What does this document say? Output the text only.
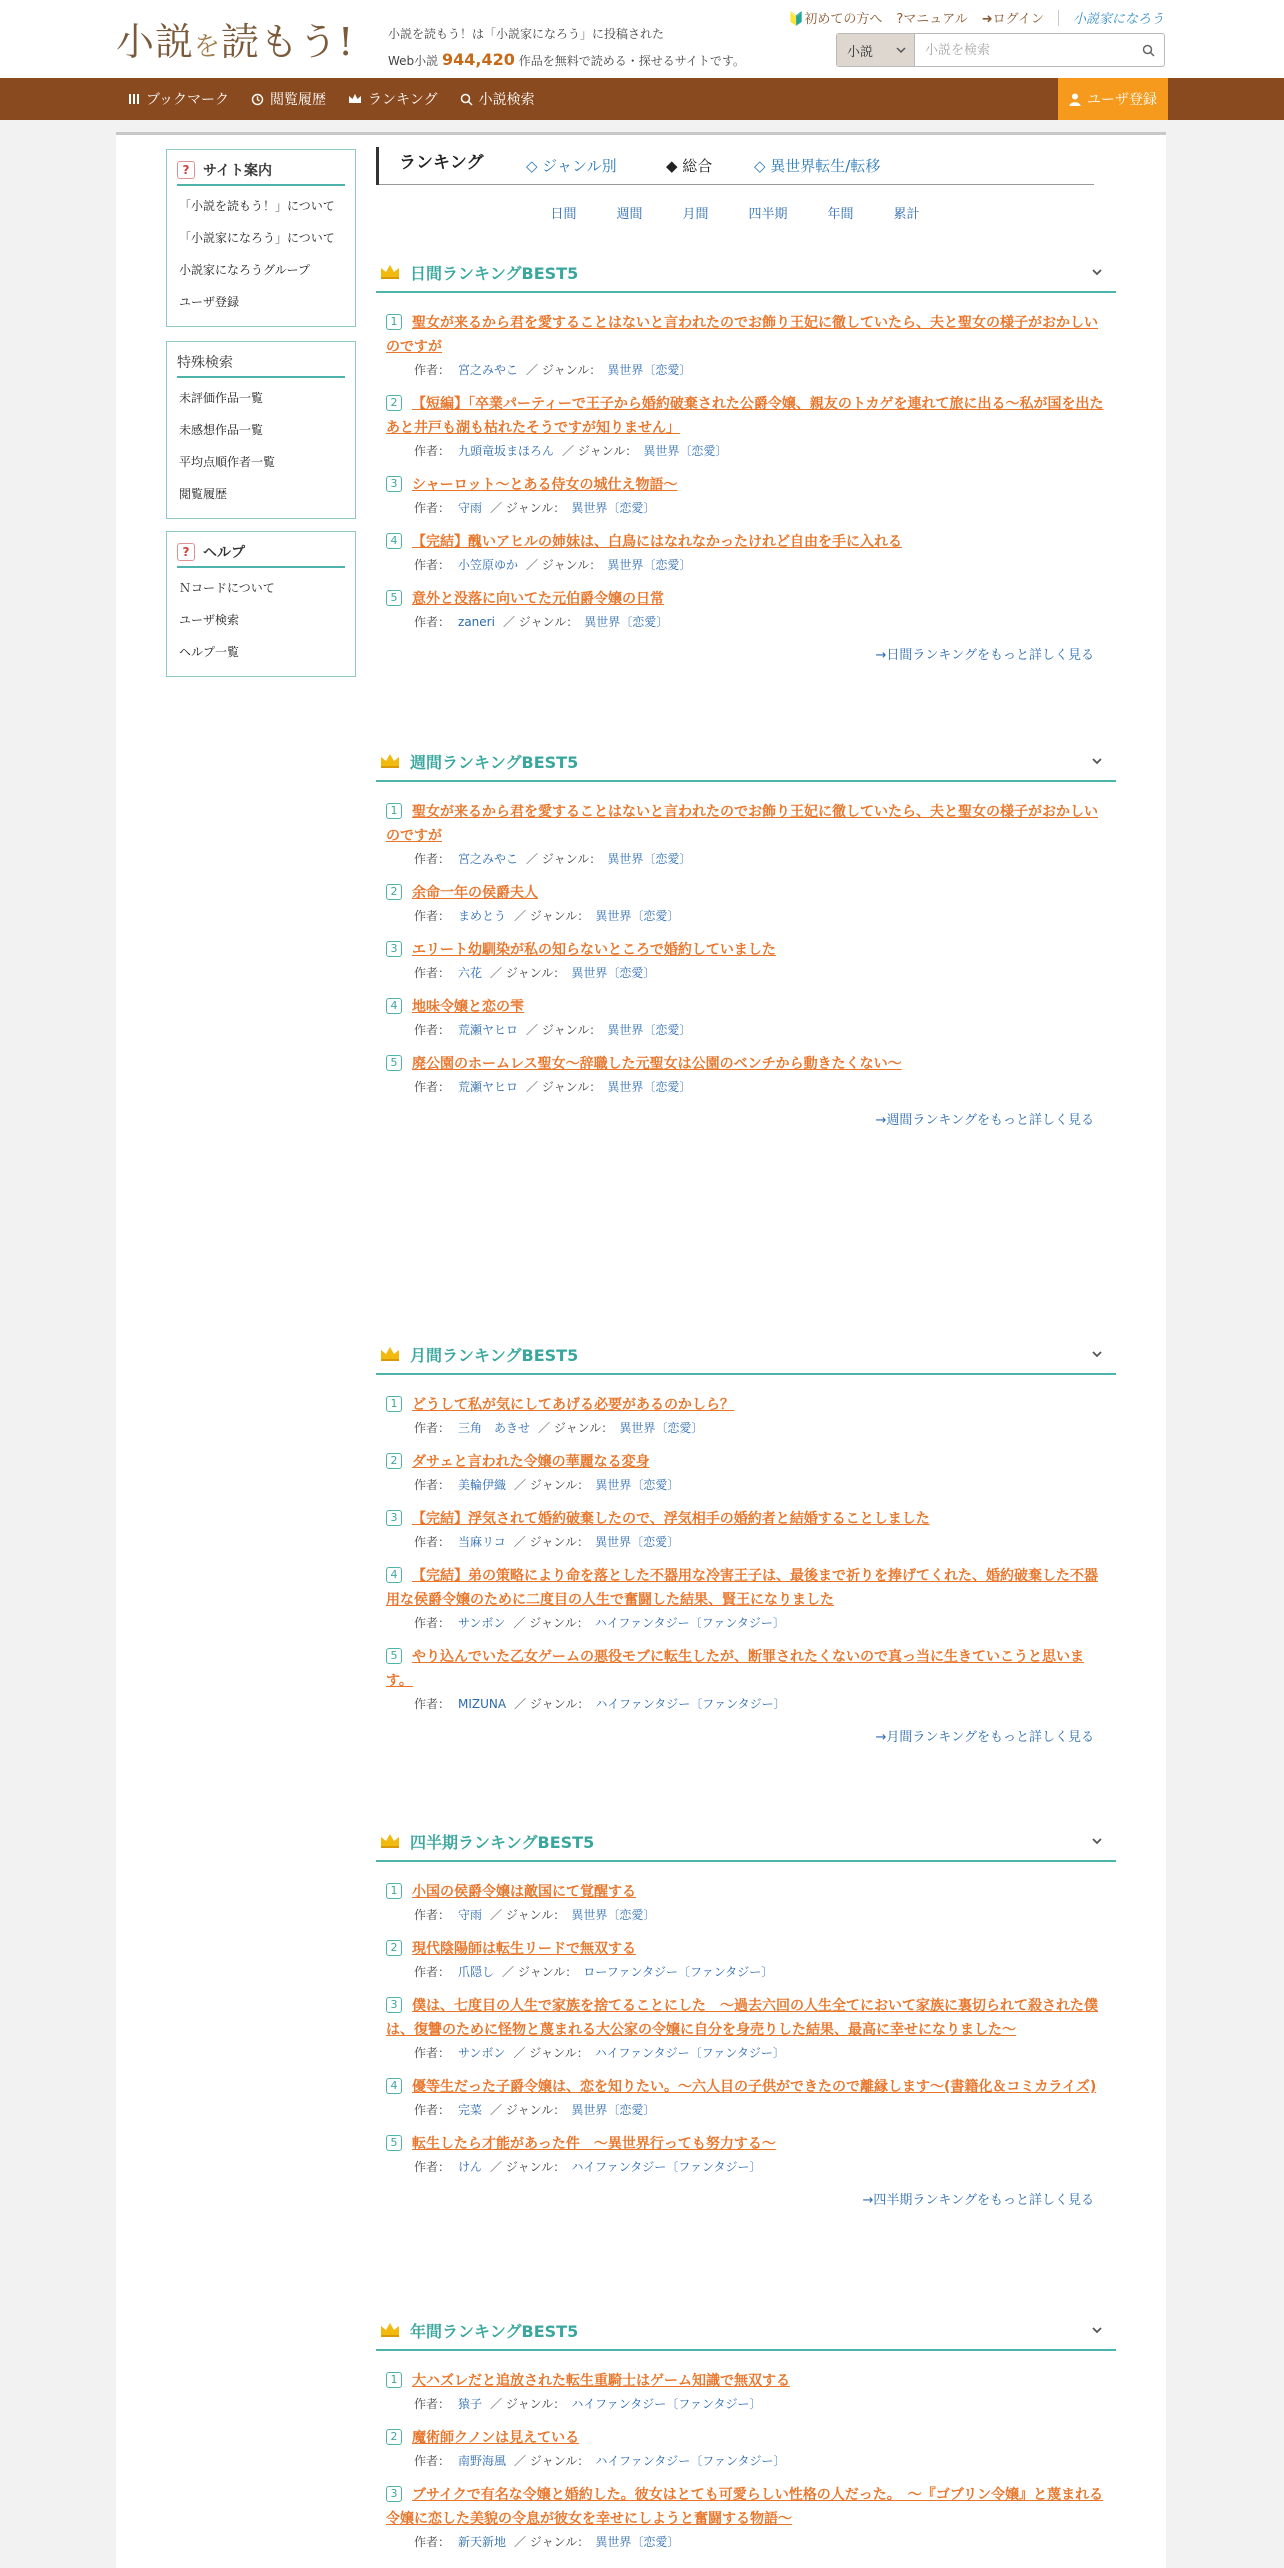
小説を読もう!	小説を読もう！は「小説家になろう」に投稿された
Web小説 944,420 作品を無料で読める・探せるサイトです。
🔰初めての方へ ?マニュアル ➜ログイン 小説家になろう
小説
小説を検索
ブックマーク	閲覧履歴	ランキング	小説検索	ユーザ登録
? サイト案内
「小説を読もう！」について
「小説家になろう」について
小説家になろうグループ
ユーザ登録
特殊検索
未評価作品一覧
未感想作品一覧
平均点順作者一覧
閲覧履歴
? ヘルプ
Ｎコードについて
ユーザ検索
ヘルプ一覧
ランキング	◇ ジャンル別	◆ 総合	◇ 異世界転生/転移
日間	週間	月間	四半期	年間	累計
日間ランキングBEST5
1 聖女が来るから君を愛することはないと言われたのでお飾り王妃に徹していたら、夫と聖女の様子がおかしいのですが
作者： 宮之みやこ ／ ジャンル： 異世界〔恋愛〕
2 【短編】「卒業パーティーで王子から婚約破棄された公爵令嬢、親友のトカゲを連れて旅に出る〜私が国を出たあと井戸も湖も枯れたそうですが知りません」
作者： 九頭竜坂まほろん ／ ジャンル： 異世界〔恋愛〕
3 シャーロット〜とある侍女の城仕え物語〜
作者： 守雨 ／ ジャンル： 異世界〔恋愛〕
4 【完結】醜いアヒルの姉妹は、白鳥にはなれなかったけれど自由を手に入れる
作者： 小笠原ゆか ／ ジャンル： 異世界〔恋愛〕
5 意外と没落に向いてた元伯爵令嬢の日常
作者： zaneri ／ ジャンル： 異世界〔恋愛〕
→日間ランキングをもっと詳しく見る
週間ランキングBEST5
1 聖女が来るから君を愛することはないと言われたのでお飾り王妃に徹していたら、夫と聖女の様子がおかしいのですが
作者： 宮之みやこ ／ ジャンル： 異世界〔恋愛〕
2 余命一年の侯爵夫人
作者： まめとう ／ ジャンル： 異世界〔恋愛〕
3 エリート幼馴染が私の知らないところで婚約していました
作者： 六花 ／ ジャンル： 異世界〔恋愛〕
4 地味令嬢と恋の雫
作者： 荒瀬ヤヒロ ／ ジャンル： 異世界〔恋愛〕
5 廃公園のホームレス聖女～辞職した元聖女は公園のベンチから動きたくない～
作者： 荒瀬ヤヒロ ／ ジャンル： 異世界〔恋愛〕
→週間ランキングをもっと詳しく見る
月間ランキングBEST5
1 どうして私が気にしてあげる必要があるのかしら？
作者： 三角　あきせ ／ ジャンル： 異世界〔恋愛〕
2 ダサェと言われた令嬢の華麗なる変身
作者： 美輪伊織 ／ ジャンル： 異世界〔恋愛〕
3 【完結】浮気されて婚約破棄したので、浮気相手の婚約者と結婚することしました
作者： 当麻リコ ／ ジャンル： 異世界〔恋愛〕
4 【完結】弟の策略により命を落とした不器用な冷害王子は、最後まで祈りを捧げてくれた、婚約破棄した不器用な侯爵令嬢のために二度目の人生で奮闘した結果、賢王になりました
作者： サンボン ／ ジャンル： ハイファンタジー〔ファンタジー〕
5 やり込んでいた乙女ゲームの悪役モブに転生したが、断罪されたくないので真っ当に生きていこうと思います。
作者： MIZUNA ／ ジャンル： ハイファンタジー〔ファンタジー〕
→月間ランキングをもっと詳しく見る
四半期ランキングBEST5
1 小国の侯爵令嬢は敵国にて覚醒する
作者： 守雨 ／ ジャンル： 異世界〔恋愛〕
2 現代陰陽師は転生リードで無双する
作者： 爪隠し ／ ジャンル： ローファンタジー〔ファンタジー〕
3 僕は、七度目の人生で家族を捨てることにした　～過去六回の人生全てにおいて家族に裏切られて殺された僕は、復讐のために怪物と蔑まれる大公家の令嬢に自分を身売りした結果、最高に幸せになりました～
作者： サンボン ／ ジャンル： ハイファンタジー〔ファンタジー〕
4 優等生だった子爵令嬢は、恋を知りたい。～六人目の子供ができたので離縁します～(書籍化＆コミカライズ)
作者： 完菜 ／ ジャンル： 異世界〔恋愛〕
5 転生したら才能があった件　～異世界行っても努力する～
作者： けん ／ ジャンル： ハイファンタジー〔ファンタジー〕
→四半期ランキングをもっと詳しく見る
年間ランキングBEST5
1 大ハズレだと追放された転生重騎士はゲーム知識で無双する
作者： 猿子 ／ ジャンル： ハイファンタジー〔ファンタジー〕
2 魔術師クノンは見えている
作者： 南野海風 ／ ジャンル： ハイファンタジー〔ファンタジー〕
3 ブサイクで有名な令嬢と婚約した。彼女はとても可愛らしい性格の人だった。　～『ゴブリン令嬢』と蔑まれる令嬢に恋した美貌の令息が彼女を幸せにしようと奮闘する物語～
作者： 新天新地 ／ ジャンル： 異世界〔恋愛〕
